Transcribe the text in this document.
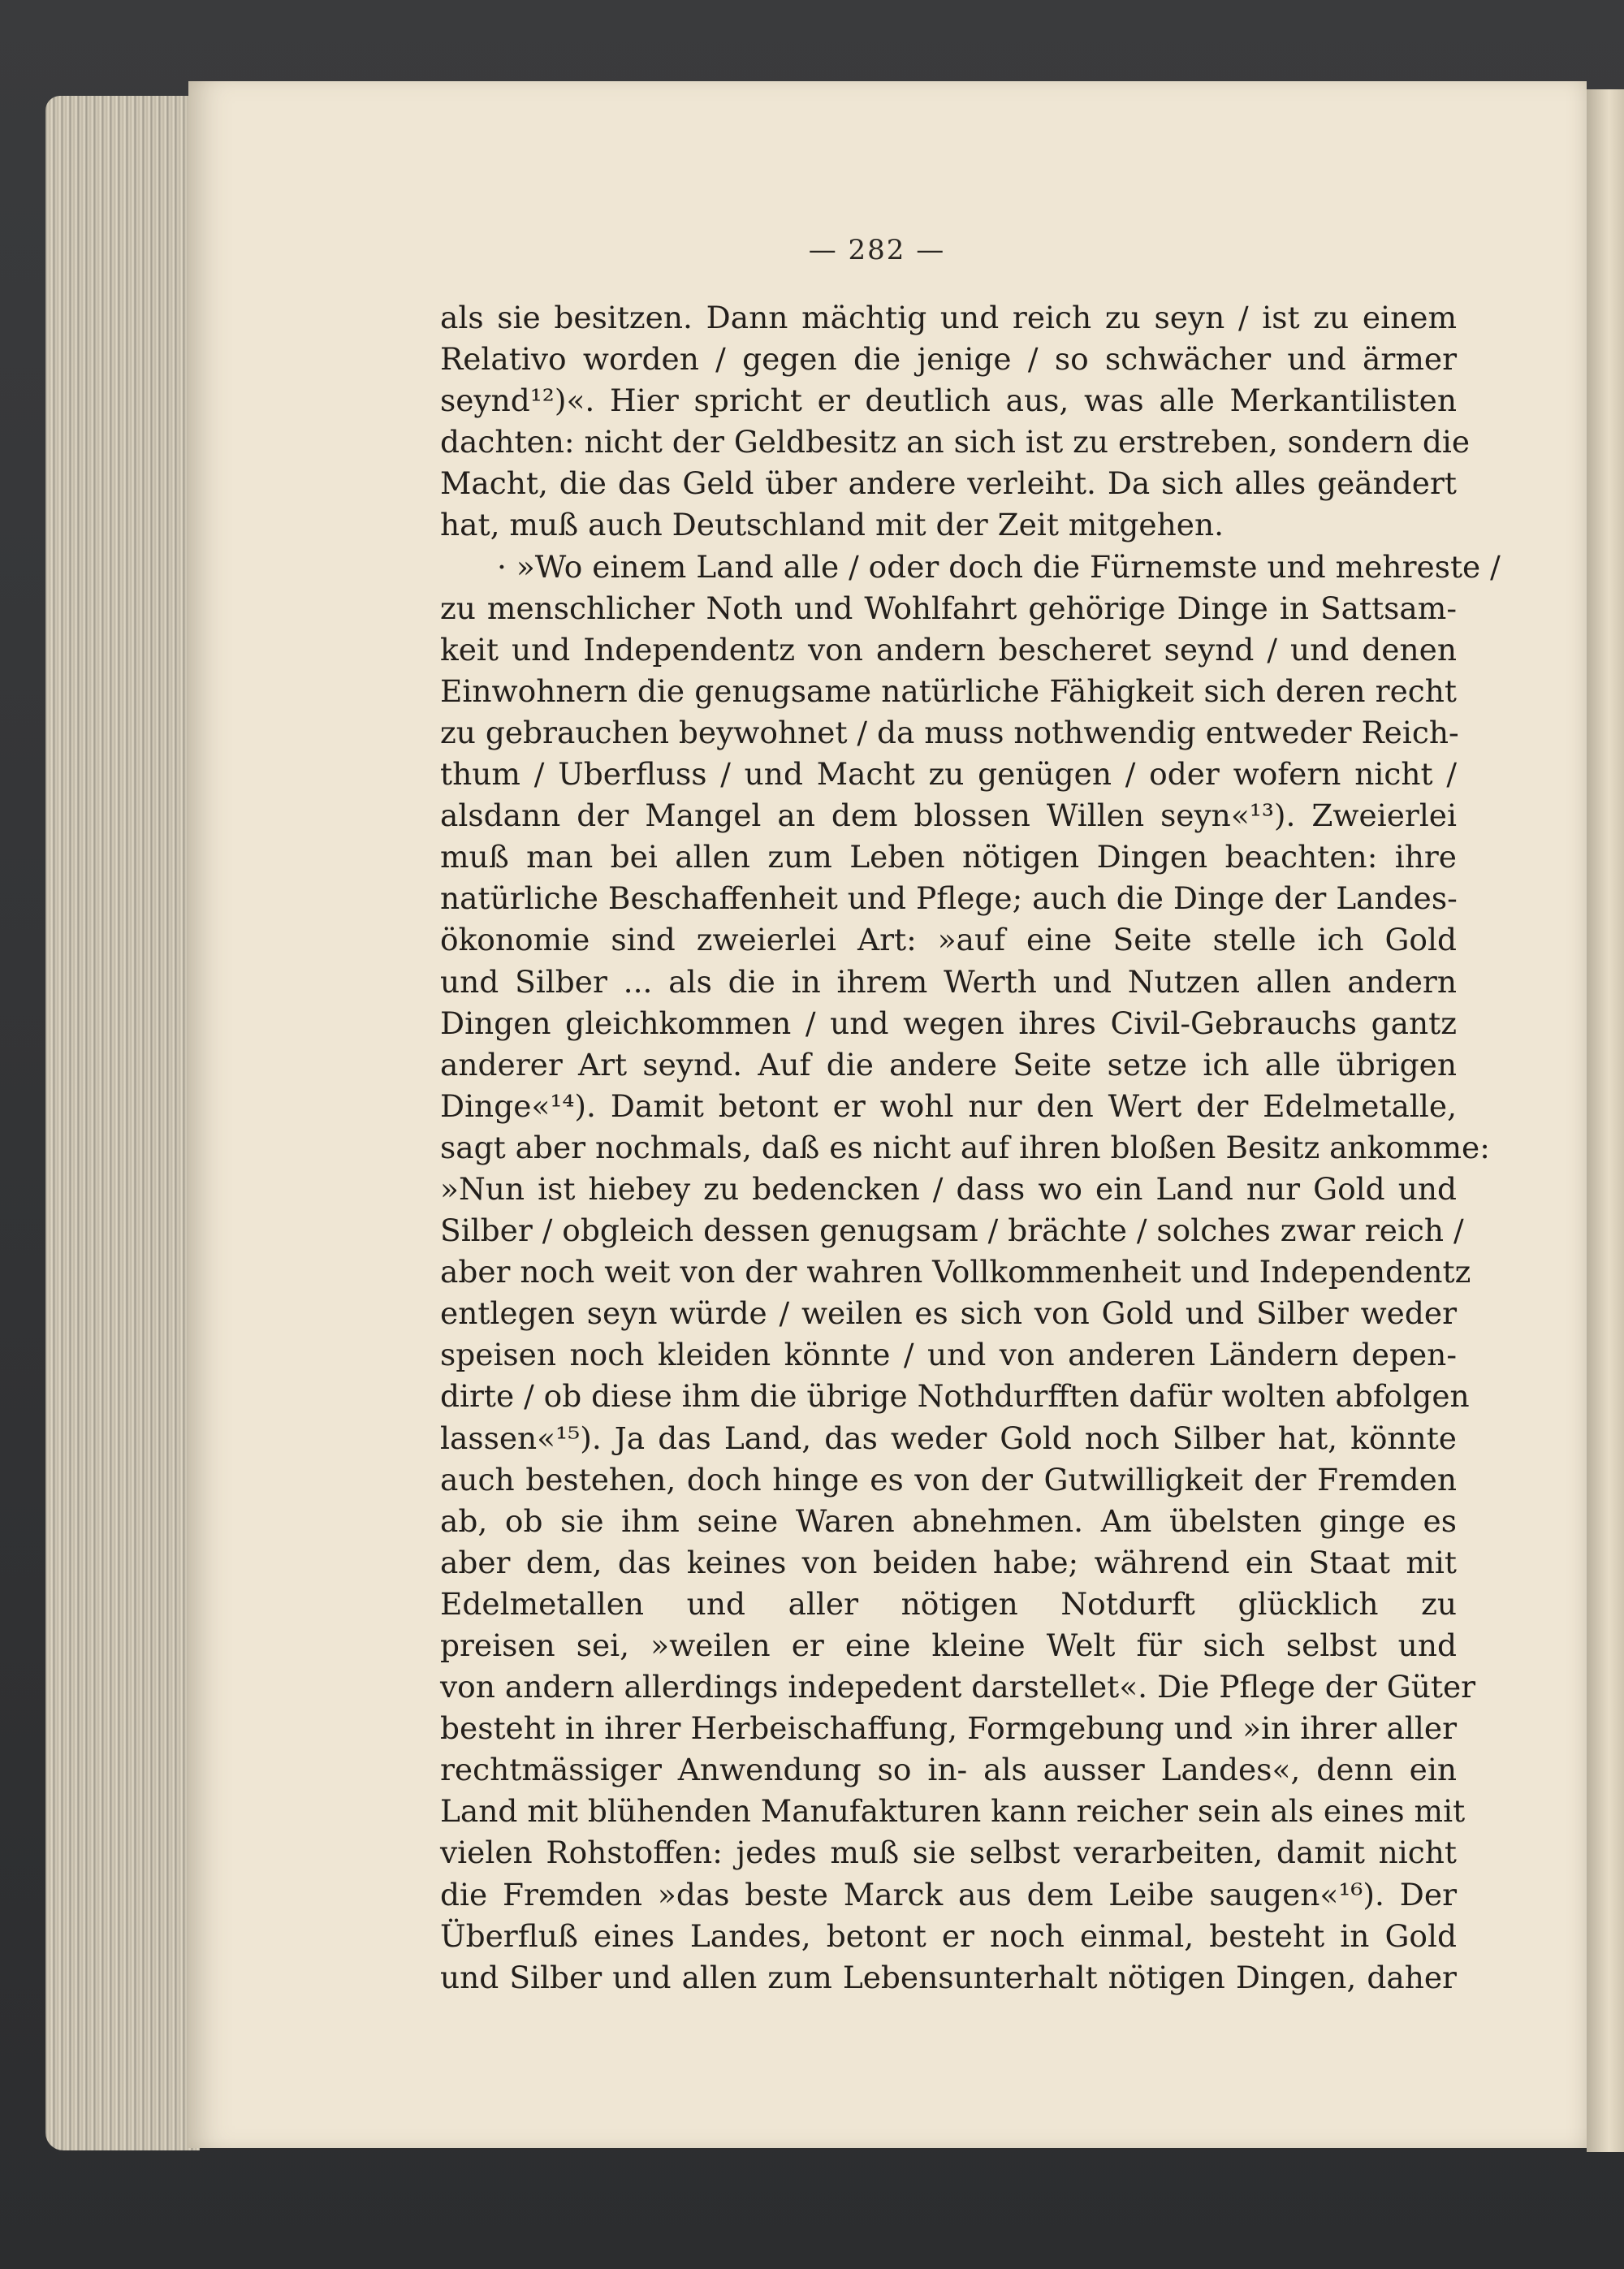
— 282 —
als sie besitzen. Dann mächtig und reich zu seyn / ist zu einem
Relativo worden / gegen die jenige / so schwächer und ärmer
seynd¹²)«. Hier spricht er deutlich aus, was alle Merkantilisten
dachten: nicht der Geldbesitz an sich ist zu erstreben, sondern die
Macht, die das Geld über andere verleiht. Da sich alles geändert
hat, muß auch Deutschland mit der Zeit mitgehen.
· »Wo einem Land alle / oder doch die Fürnemste und mehreste /
zu menschlicher Noth und Wohlfahrt gehörige Dinge in Sattsam-
keit und Independentz von andern bescheret seynd / und denen
Einwohnern die genugsame natürliche Fähigkeit sich deren recht
zu gebrauchen beywohnet / da muss nothwendig entweder Reich-
thum / Uberfluss / und Macht zu genügen / oder wofern nicht /
alsdann der Mangel an dem blossen Willen seyn«¹³). Zweierlei
muß man bei allen zum Leben nötigen Dingen beachten: ihre
natürliche Beschaffenheit und Pflege; auch die Dinge der Landes-
ökonomie sind zweierlei Art: »auf eine Seite stelle ich Gold
und Silber ... als die in ihrem Werth und Nutzen allen andern
Dingen gleichkommen / und wegen ihres Civil-Gebrauchs gantz
anderer Art seynd. Auf die andere Seite setze ich alle übrigen
Dinge«¹⁴). Damit betont er wohl nur den Wert der Edelmetalle,
sagt aber nochmals, daß es nicht auf ihren bloßen Besitz ankomme:
»Nun ist hiebey zu bedencken / dass wo ein Land nur Gold und
Silber / obgleich dessen genugsam / brächte / solches zwar reich /
aber noch weit von der wahren Vollkommenheit und Independentz
entlegen seyn würde / weilen es sich von Gold und Silber weder
speisen noch kleiden könnte / und von anderen Ländern depen-
dirte / ob diese ihm die übrige Nothdurfften dafür wolten abfolgen
lassen«¹⁵). Ja das Land, das weder Gold noch Silber hat, könnte
auch bestehen, doch hinge es von der Gutwilligkeit der Fremden
ab, ob sie ihm seine Waren abnehmen. Am übelsten ginge es
aber dem, das keines von beiden habe; während ein Staat mit
Edelmetallen und aller nötigen Notdurft glücklich zu
preisen sei, »weilen er eine kleine Welt für sich selbst und
von andern allerdings indepedent darstellet«. Die Pflege der Güter
besteht in ihrer Herbeischaffung, Formgebung und »in ihrer aller
rechtmässiger Anwendung so in- als ausser Landes«, denn ein
Land mit blühenden Manufakturen kann reicher sein als eines mit
vielen Rohstoffen: jedes muß sie selbst verarbeiten, damit nicht
die Fremden »das beste Marck aus dem Leibe saugen«¹⁶). Der
Überfluß eines Landes, betont er noch einmal, besteht in Gold
und Silber und allen zum Lebensunterhalt nötigen Dingen, daher
